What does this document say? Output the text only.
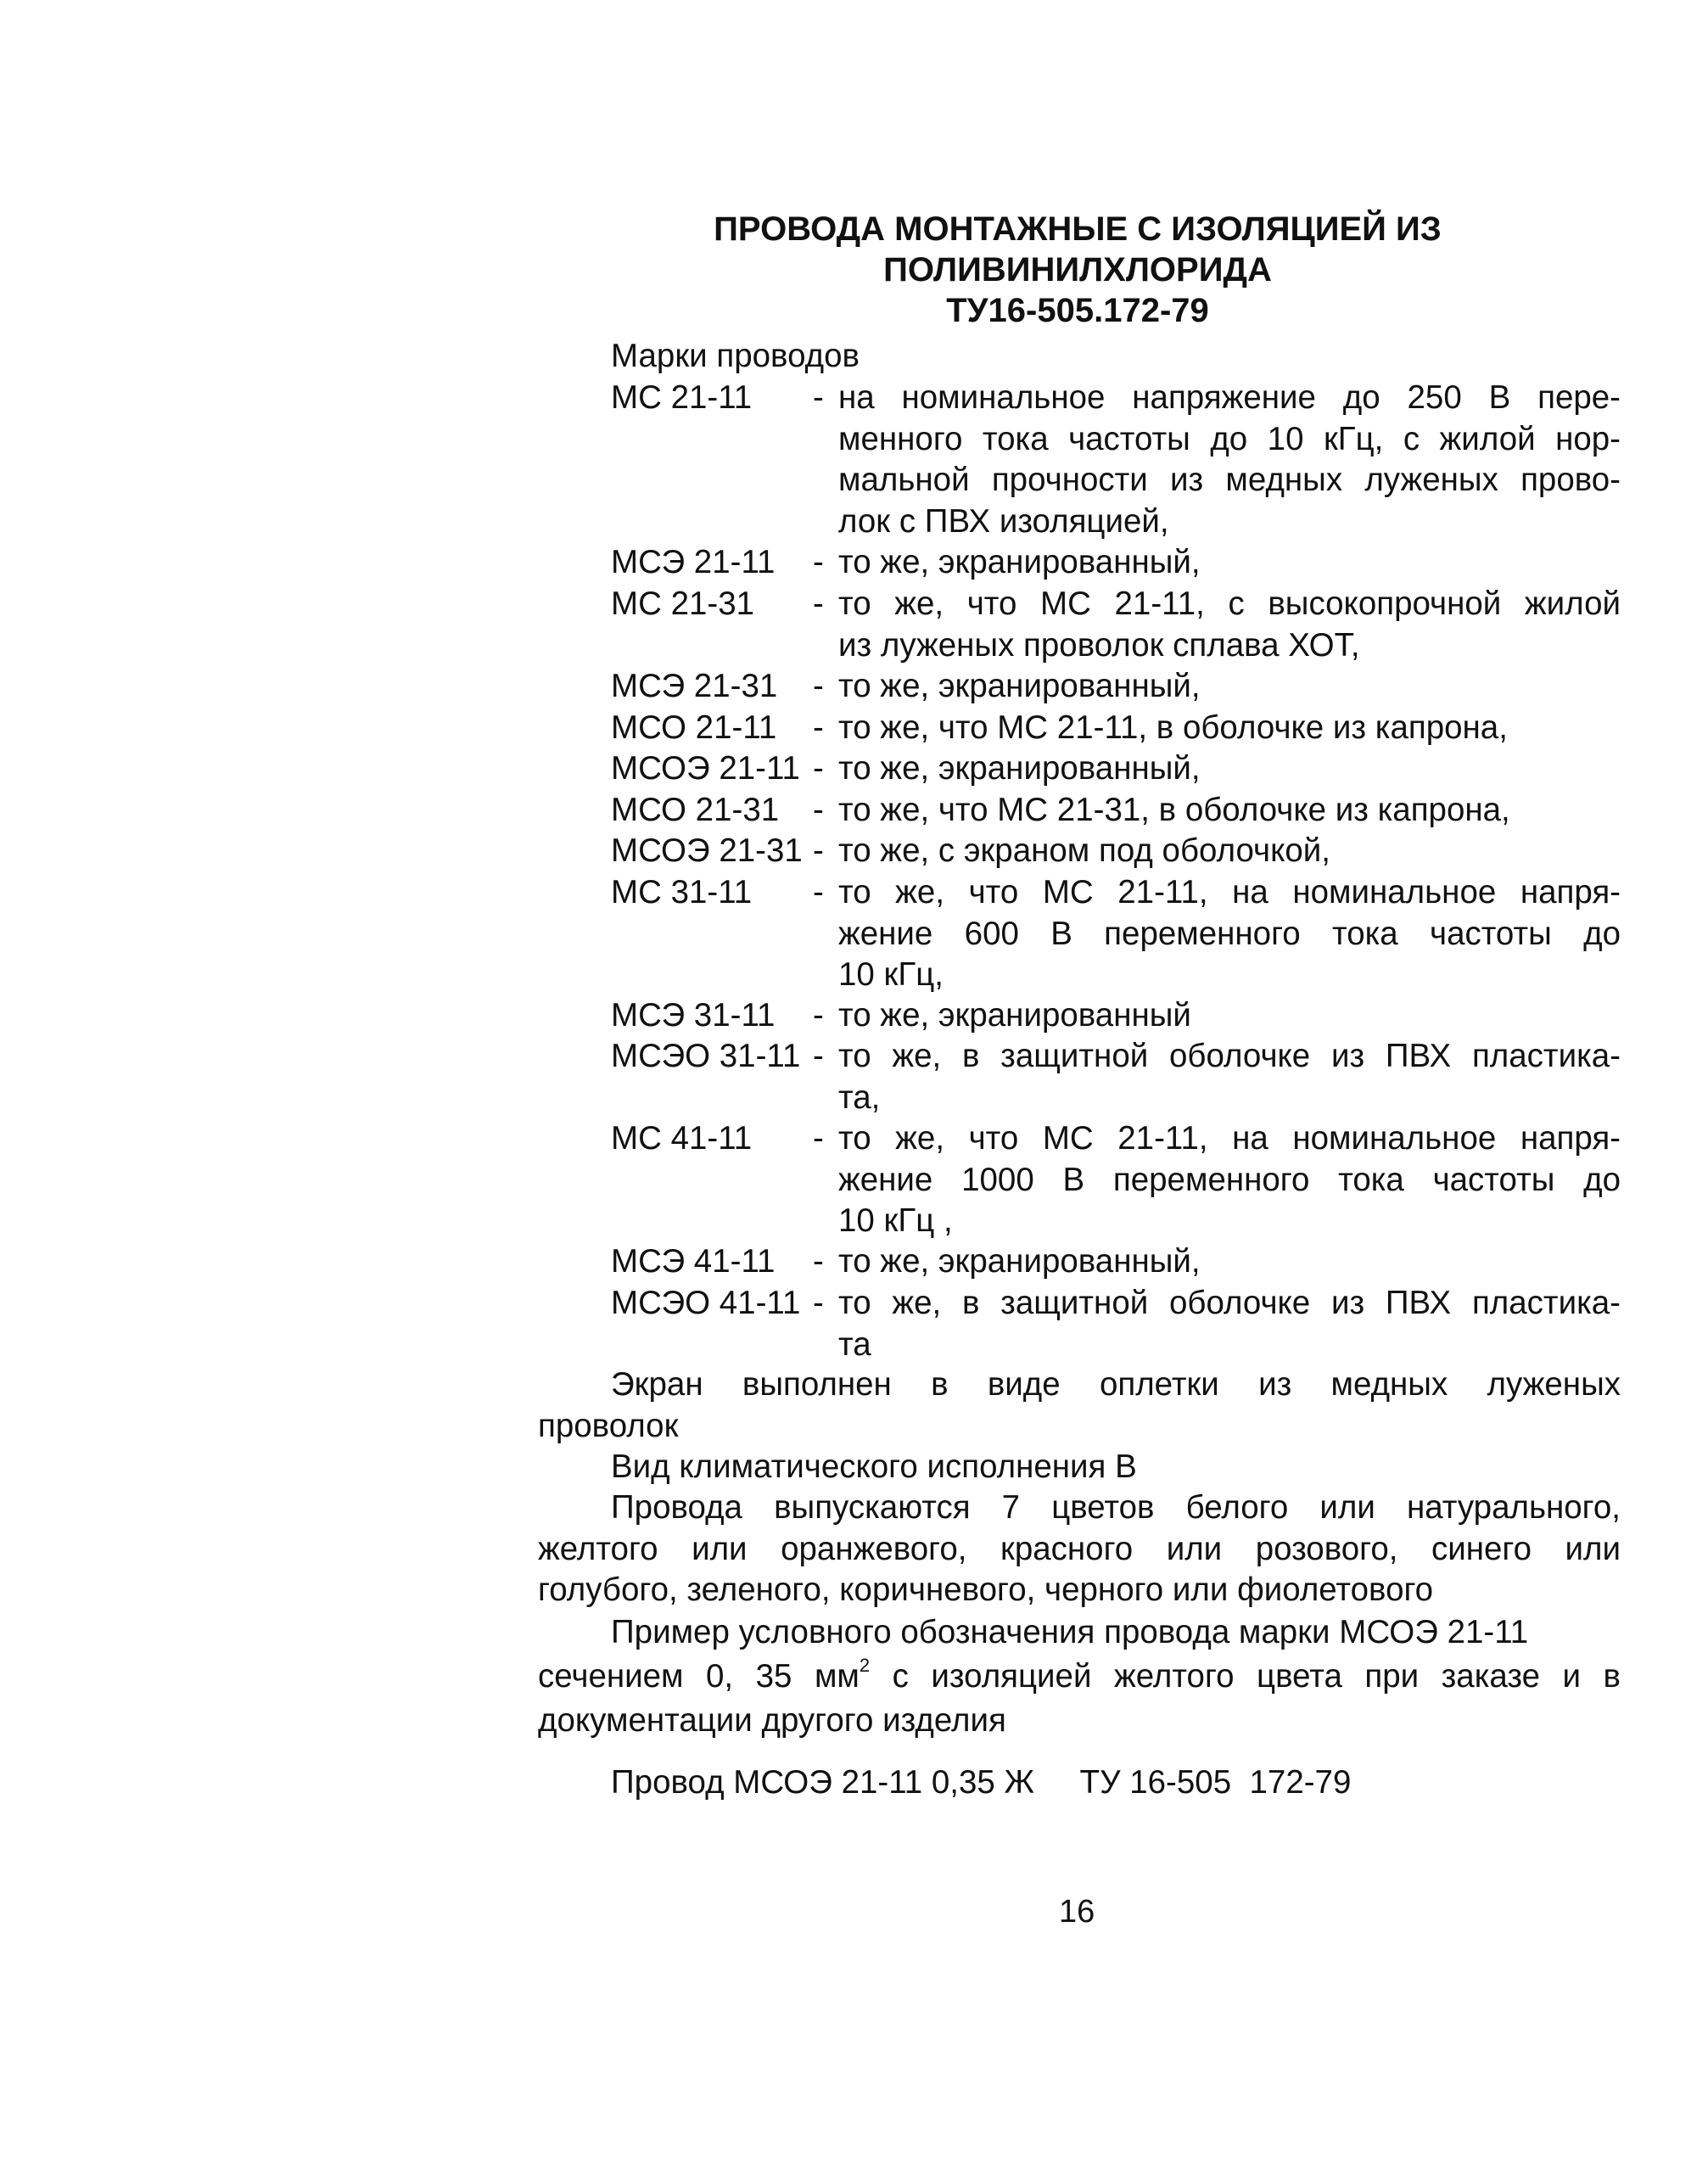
ПРОВОДА МОНТАЖНЫЕ С ИЗОЛЯЦИЕЙ ИЗ
ПОЛИВИНИЛХЛОРИДА
ТУ16-505.172-79
Марки проводов
МС 21-11 - на номинальное напряжение до 250 В пере-
менного тока частоты до 10 кГц, с жилой нор-
мальной прочности из медных луженых прово-
лок с ПВХ изоляцией,
МСЭ 21-11 - то же, экранированный,
МС 21-31 - то же, что МС 21-11, с высокопрочной жилой
из луженых проволок сплава ХОТ,
МСЭ 21-31 - то же, экранированный,
МСО 21-11 - то же, что МС 21-11, в оболочке из капрона,
МСОЭ 21-11 - то же, экранированный,
МСО 21-31 - то же, что МС 21-31, в оболочке из капрона,
МСОЭ 21-31 - то же, с экраном под оболочкой,
МС 31-11 - то же, что МС 21-11, на номинальное напря-
жение 600 В переменного тока частоты до
10 кГц,
МСЭ 31-11 - то же, экранированный
МСЭО 31-11 - то же, в защитной оболочке из ПВХ пластика-
та,
МС 41-11 - то же, что МС 21-11, на номинальное напря-
жение 1000 В переменного тока частоты до
10 кГц ,
МСЭ 41-11 - то же, экранированный,
МСЭО 41-11 - то же, в защитной оболочке из ПВХ пластика-
та
Экран выполнен в виде оплетки из медных луженых
проволок
Вид климатического исполнения В
Провода выпускаются 7 цветов белого или натурального,
желтого или оранжевого, красного или розового, синего или
голубого, зеленого, коричневого, черного или фиолетового
Пример условного обозначения провода марки МСОЭ 21-11
сечением 0, 35 $мм^2$ с изоляцией желтого цвета при заказе и в
документации другого изделия
Провод МСОЭ 21-11 0,35 Ж     ТУ 16-505  172-79
16
